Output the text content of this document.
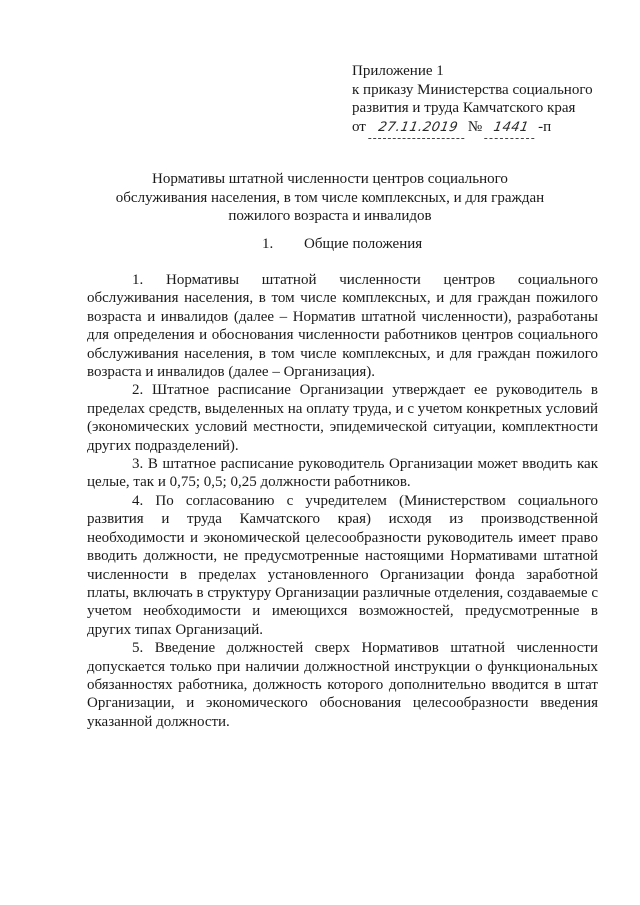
Приложение 1
к приказу Министерства социального
развития и труда Камчатского края
от 27.11.2019 № 1441 -п
Нормативы штатной численности центров социального обслуживания населения, в том числе комплексных, и для граждан пожилого возраста и инвалидов
1. Общие положения

1. Нормативы штатной численности центров социального обслуживания населения, в том числе комплексных, и для граждан пожилого возраста и инвалидов (далее – Норматив штатной численности), разработаны для определения и обоснования численности работников центров социального обслуживания населения, в том числе комплексных, и для граждан пожилого возраста и инвалидов (далее – Организация).

2. Штатное расписание Организации утверждает ее руководитель в пределах средств, выделенных на оплату труда, и с учетом конкретных условий (экономических условий местности, эпидемической ситуации, комплектности других подразделений).

3. В штатное расписание руководитель Организации может вводить как целые, так и 0,75; 0,5; 0,25 должности работников.

4. По согласованию с учредителем (Министерством социального развития и труда Камчатского края) исходя из производственной необходимости и экономической целесообразности руководитель имеет право вводить должности, не предусмотренные настоящими Нормативами штатной численности в пределах установленного Организации фонда заработной платы, включать в структуру Организации различные отделения, создаваемые с учетом необходимости и имеющихся возможностей, предусмотренные в других типах Организаций.

5. Введение должностей сверх Нормативов штатной численности допускается только при наличии должностной инструкции о функциональных обязанностях работника, должность которого дополнительно вводится в штат Организации, и экономического обоснования целесообразности введения указанной должности.
